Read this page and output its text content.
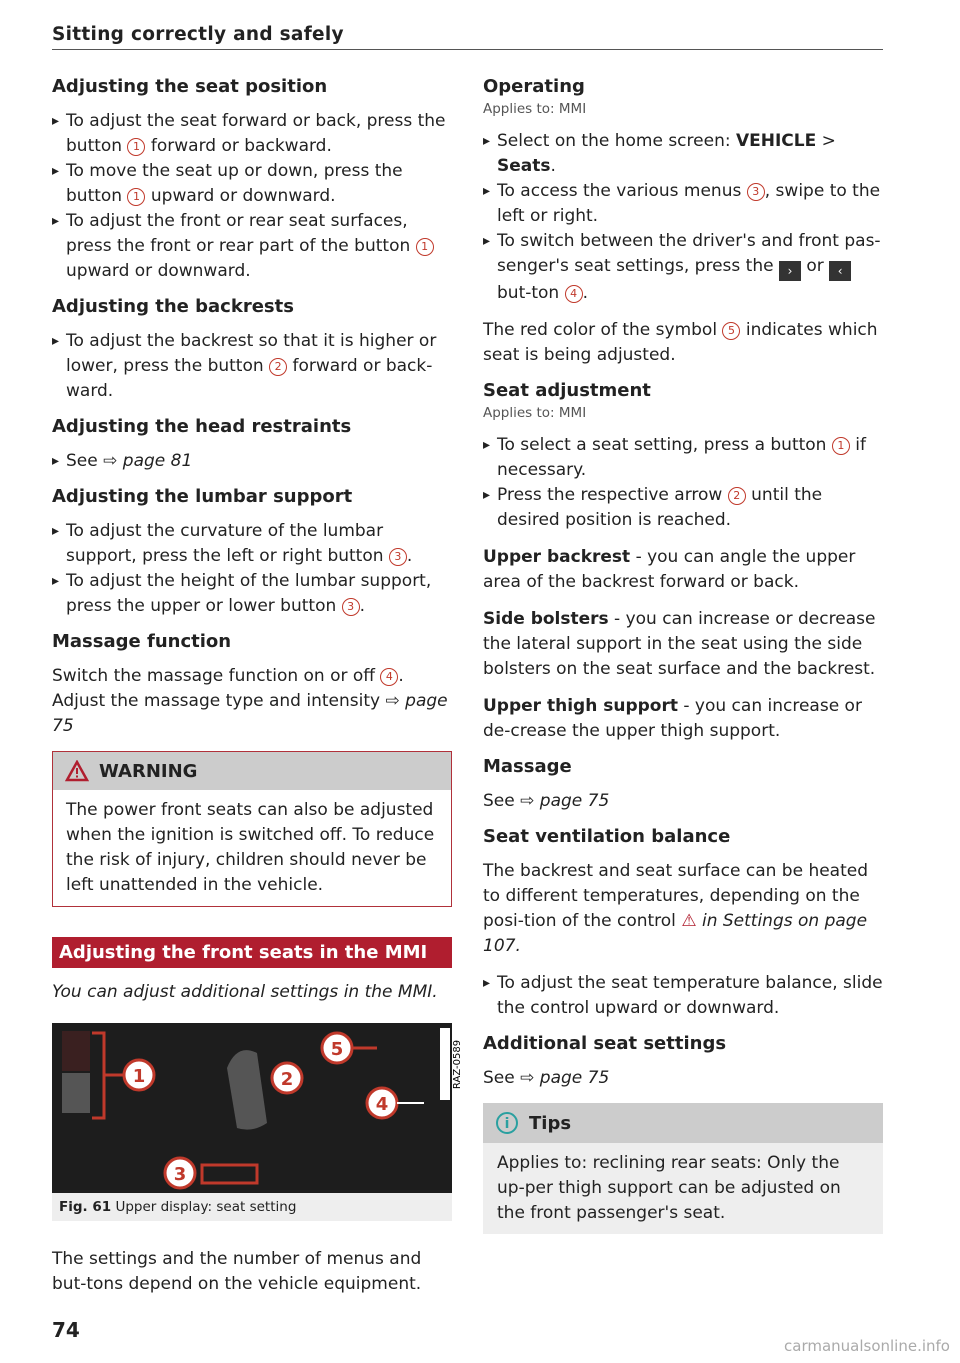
Sitting correctly and safely
Adjusting the seat position
▸ To adjust the seat forward or back, press the button 1 forward or backward.
▸ To move the seat up or down, press the button 1 upward or downward.
▸ To adjust the front or rear seat surfaces, press the front or rear part of the button 1 upward or downward.
Adjusting the backrests
▸ To adjust the backrest so that it is higher or lower, press the button 2 forward or back-ward.
Adjusting the head restraints
▸ See ⇨ page 81
Adjusting the lumbar support
▸ To adjust the curvature of the lumbar support, press the left or right button 3 .
▸ To adjust the height of the lumbar support, press the upper or lower button 3 .
Massage function

Switch the massage function on or off 4 . Adjust the massage type and intensity ⇨ page 75

WARNING
The power front seats can also be adjusted when the ignition is switched off. To reduce the risk of injury, children should never be left unattended in the vehicle.
Adjusting the front seats in the MMI

You can adjust additional settings in the MMI.

1	2
5
4
3
RAZ-0589
Fig. 61 Upper display: seat setting

The settings and the number of menus and but-tons depend on the vehicle equipment.

Operating
Applies to: MMI
▸ Select on the home screen: VEHICLE > Seats.
▸ To access the various menus 3 , swipe to the left or right.
▸ To switch between the driver's and front pas-senger's seat settings, press the › or ‹ but-ton 4 .

The red color of the symbol 5 indicates which seat is being adjusted.

Seat adjustment
Applies to: MMI
▸ To select a seat setting, press a button 1 if necessary.
▸ Press the respective arrow 2 until the desired position is reached.

Upper backrest - you can angle the upper area of the backrest forward or back.

Side bolsters - you can increase or decrease the lateral support in the seat using the side bolsters on the seat surface and the backrest.

Upper thigh support - you can increase or de-crease the upper thigh support.

Massage

See ⇨ page 75

Seat ventilation balance

The backrest and seat surface can be heated to different temperatures, depending on the posi-tion of the control ⚠ in Settings on page 107.

▸ To adjust the seat temperature balance, slide the control upward or downward.
Additional seat settings

See ⇨ page 75

i Tips
Applies to: reclining rear seats: Only the up-per thigh support can be adjusted on the front passenger's seat.
74
carmanualsonline.info
